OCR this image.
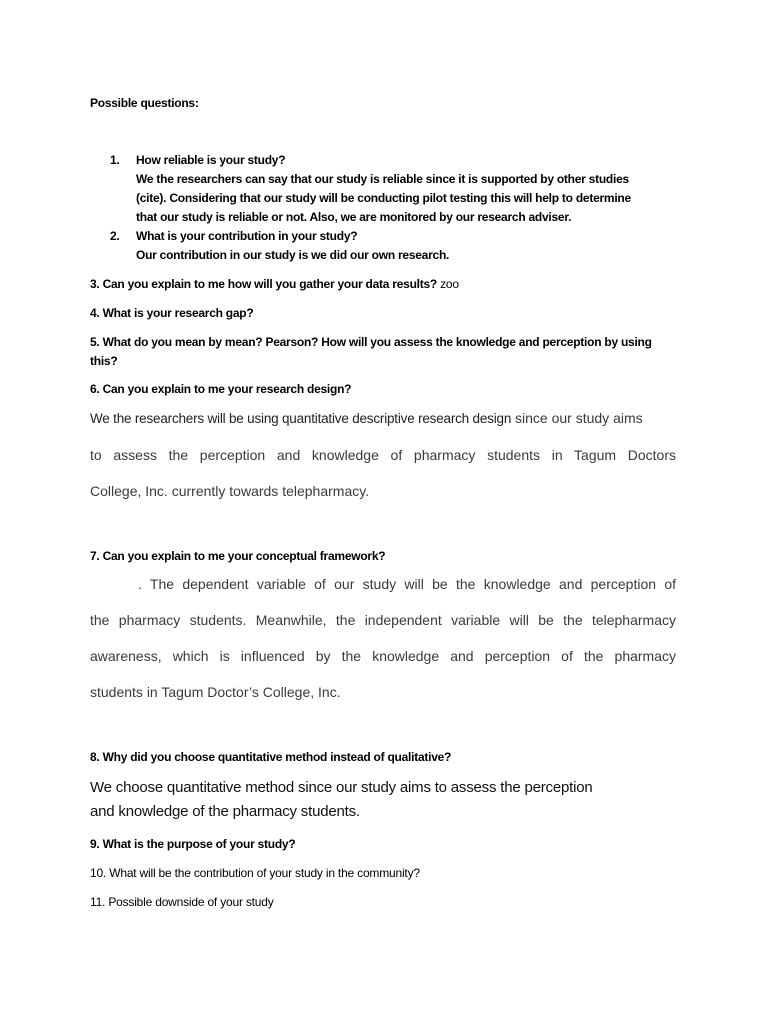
Possible questions:

1. How reliable is your study?
We the researchers can say that our study is reliable since it is supported by other studies
(cite). Considering that our study will be conducting pilot testing this will help to determine
that our study is reliable or not. Also, we are monitored by our research adviser.
2. What is your contribution in your study?
Our contribution in our study is we did our own research.

3. Can you explain to me how will you gather your data results? zoo

4. What is your research gap?

5. What do you mean by mean? Pearson? How will you assess the knowledge and perception by using
this?

6. Can you explain to me your research design?

We the researchers will be using quantitative descriptive research design since our study aims
to assess the perception and knowledge of pharmacy students in Tagum Doctors
College, Inc. currently towards telepharmacy.

7. Can you explain to me your conceptual framework?

. The dependent variable of our study will be the knowledge and perception of
the pharmacy students. Meanwhile, the independent variable will be the telepharmacy
awareness, which is influenced by the knowledge and perception of the pharmacy
students in Tagum Doctor’s College, Inc.

8. Why did you choose quantitative method instead of qualitative?

We choose quantitative method since our study aims to assess the perception
and knowledge of the pharmacy students.

9. What is the purpose of your study?

10. What will be the contribution of your study in the community?

11. Possible downside of your study
